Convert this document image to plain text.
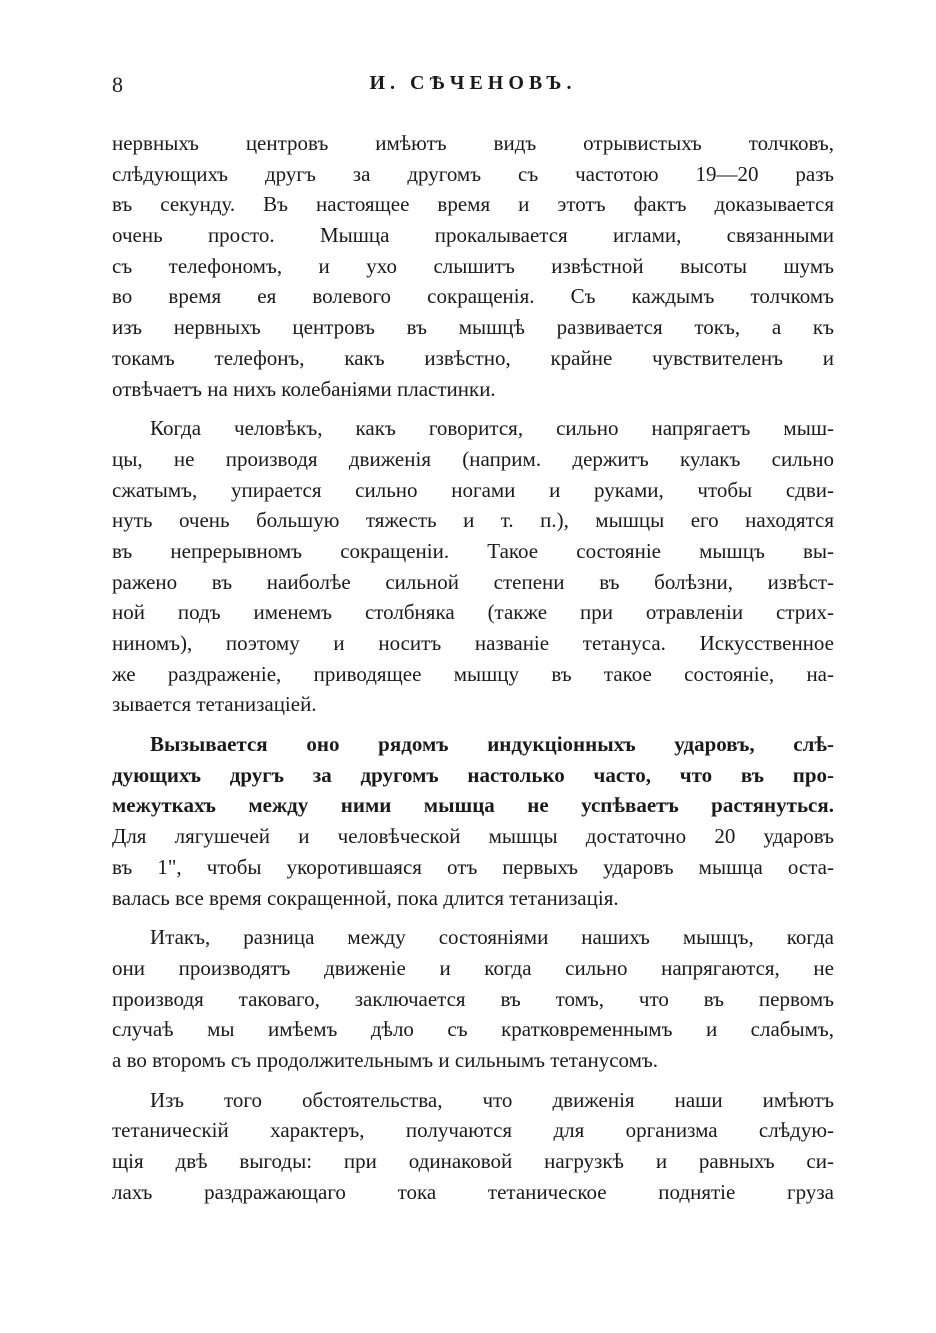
8	И. СѢЧЕНОВЪ.
нервныхъ центровъ имѣютъ видъ отрывистыхъ толчковъ,
слѣдующихъ другъ за другомъ съ частотою 19—20 разъ
въ секунду. Въ настоящее время и этотъ фактъ доказывается
очень просто. Мышца прокалывается иглами, связанными
съ телефономъ, и ухо слышитъ извѣстной высоты шумъ
во время ея волевого сокращенія. Съ каждымъ толчкомъ
изъ нервныхъ центровъ въ мышцѣ развивается токъ, а къ
токамъ телефонъ, какъ извѣстно, крайне чувствителенъ и
отвѣчаетъ на нихъ колебаніями пластинки.
Когда человѣкъ, какъ говорится, сильно напрягаетъ мыш-
цы, не производя движенія (наприм. держитъ кулакъ сильно
сжатымъ, упирается сильно ногами и руками, чтобы сдви-
нуть очень большую тяжесть и т. п.), мышцы его находятся
въ непрерывномъ сокращеніи. Такое состояніе мышцъ вы-
ражено въ наиболѣе сильной степени въ болѣзни, извѣст-
ной подъ именемъ столбняка (также при отравленіи стрих-
ниномъ), поэтому и носитъ названіе тетануса. Искусственное
же раздраженіе, приводящее мышцу въ такое состояніе, на-
зывается тетанизаціей.
Вызывается оно рядомъ индукціонныхъ ударовъ, слѣ-
дующихъ другъ за другомъ настолько часто, что въ про-
межуткахъ между ними мышца не успѣваетъ растянуться.
Для лягушечей и человѣческой мышцы достаточно 20 ударовъ
въ 1", чтобы укоротившаяся отъ первыхъ ударовъ мышца оста-
валась все время сокращенной, пока длится тетанизація.
Итакъ, разница между состояніями нашихъ мышцъ, когда
они производятъ движеніе и когда сильно напрягаются, не
производя таковаго, заключается въ томъ, что въ первомъ
случаѣ мы имѣемъ дѣло съ кратковременнымъ и слабымъ,
а во второмъ съ продолжительнымъ и сильнымъ тетанусомъ.
Изъ того обстоятельства, что движенія наши имѣютъ
тетаническій характеръ, получаются для организма слѣдую-
щія двѣ выгоды: при одинаковой нагрузкѣ и равныхъ си-
лахъ раздражающаго тока тетаническое поднятіе груза
